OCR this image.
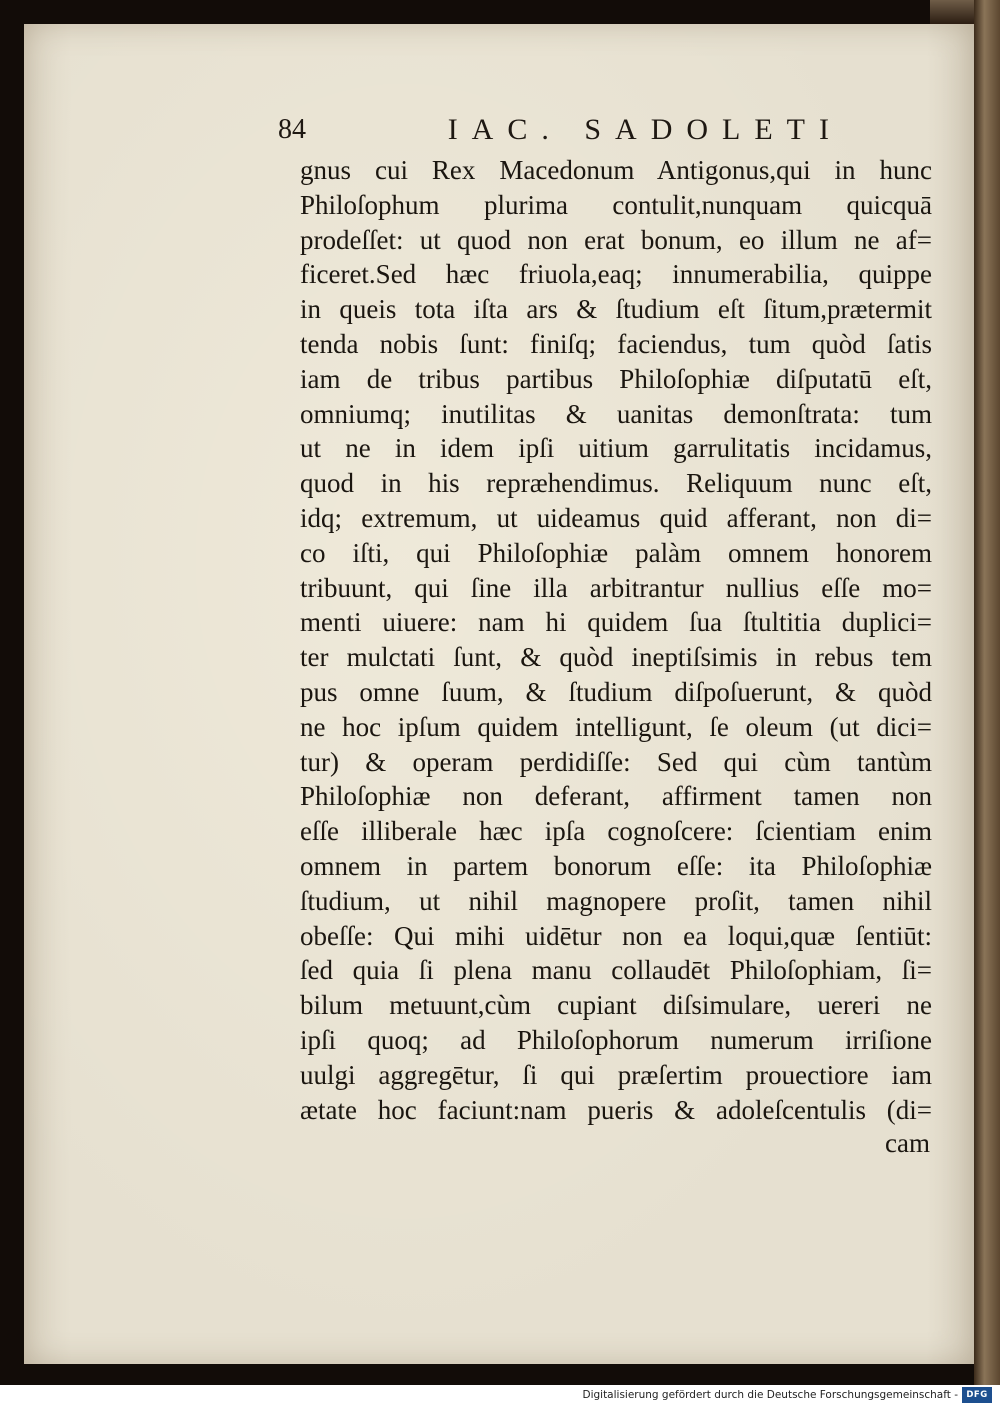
84	IAC. SADOLETI
gnus cui Rex Macedonum Antigonus,qui in hunc
Philoſophum plurima contulit,nunquam quicquā
prodeſſet: ut quod non erat bonum, eo illum ne af=
ficeret.Sed hæc friuola,eaq; innumerabilia, quippe
in queis tota iſta ars & ſtudium eſt ſitum,prætermit
tenda nobis ſunt: finiſq; faciendus, tum quòd ſatis
iam de tribus partibus Philoſophiæ diſputatū eſt,
omniumq; inutilitas & uanitas demonſtrata: tum
ut ne in idem ipſi uitium garrulitatis incidamus,
quod in his repræhendimus. Reliquum nunc eſt,
idq; extremum, ut uideamus quid afferant, non di=
co iſti, qui Philoſophiæ palàm omnem honorem
tribuunt, qui ſine illa arbitrantur nullius eſſe mo=
menti uiuere: nam hi quidem ſua ſtultitia duplici=
ter mulctati ſunt, & quòd ineptiſsimis in rebus tem
pus omne ſuum, & ſtudium diſpoſuerunt, & quòd
ne hoc ipſum quidem intelligunt, ſe oleum (ut dici=
tur) & operam perdidiſſe: Sed qui cùm tantùm
Philoſophiæ non deferant, affirment tamen non
eſſe illiberale hæc ipſa cognoſcere: ſcientiam enim
omnem in partem bonorum eſſe: ita Philoſophiæ
ſtudium, ut nihil magnopere proſit, tamen nihil
obeſſe: Qui mihi uidētur non ea loqui,quæ ſentiūt:
ſed quia ſi plena manu collaudēt Philoſophiam, ſi=
bilum metuunt,cùm cupiant diſsimulare, uereri ne
ipſi quoq; ad Philoſophorum numerum irriſione
uulgi aggregētur, ſi qui præſertim prouectiore iam
ætate hoc faciunt:nam pueris & adoleſcentulis (di=
cam
Digitalisierung gefördert durch die Deutsche Forschungsgemeinschaft - DFG
